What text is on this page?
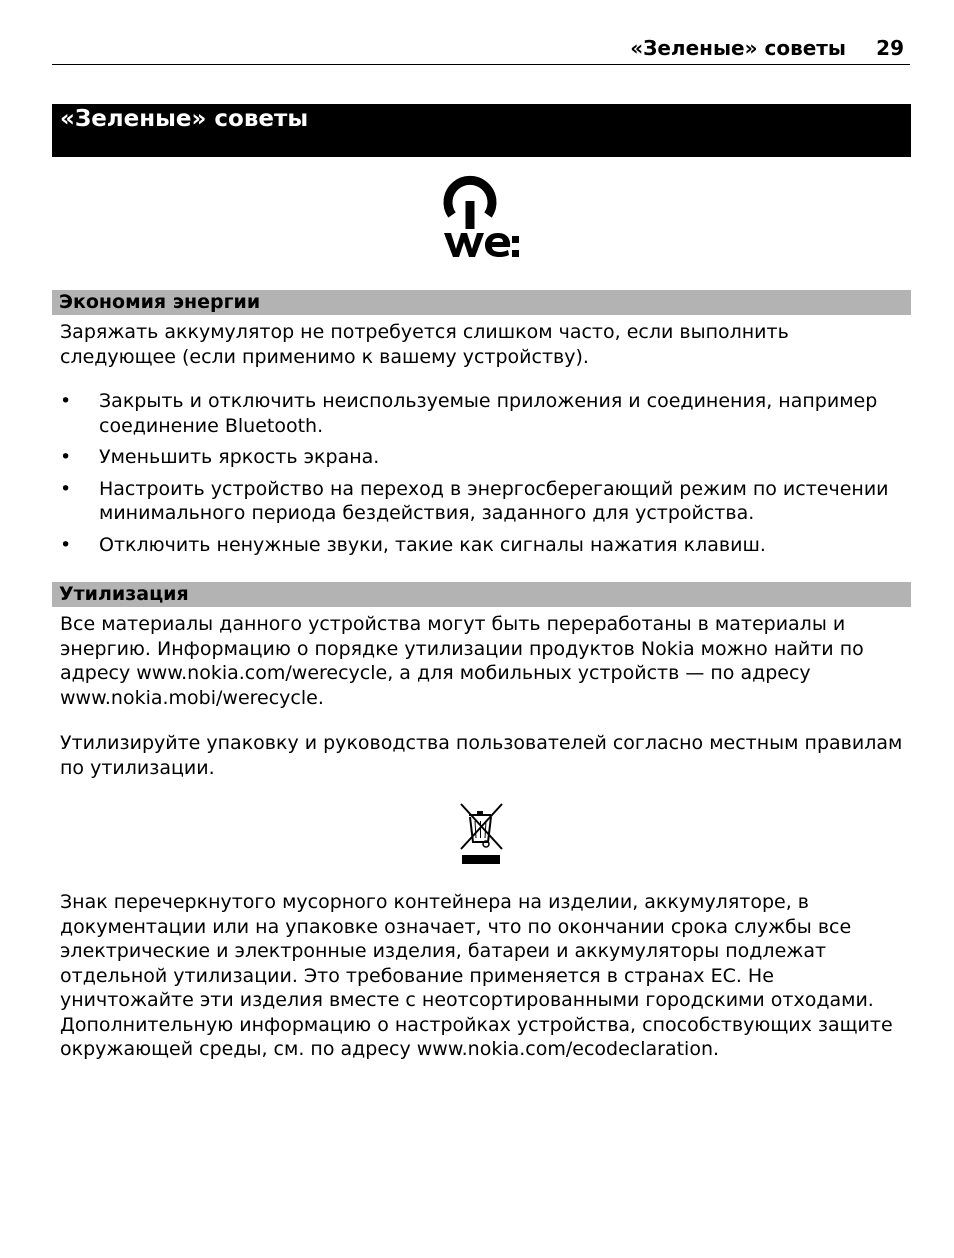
«Зеленые» советы 29
«Зеленые» советы
Экономия энергии

Заряжать аккумулятор не потребуется слишком часто, если выполнить следующее (если применимо к вашему устройству).

• Закрыть и отключить неиспользуемые приложения и соединения, например соединение Bluetooth.
• Уменьшить яркость экрана.
• Настроить устройство на переход в энергосберегающий режим по истечении минимального периода бездействия, заданного для устройства.
• Отключить ненужные звуки, такие как сигналы нажатия клавиш.
Утилизация

Все материалы данного устройства могут быть переработаны в материалы и энергию. Информацию о порядке утилизации продуктов Nokia можно найти по адресу www.nokia.com/werecycle, а для мобильных устройств — по адресу www.nokia.mobi/werecycle.

Утилизируйте упаковку и руководства пользователей согласно местным правилам по утилизации.

Знак перечеркнутого мусорного контейнера на изделии, аккумуляторе, в документации или на упаковке означает, что по окончании срока службы все электрические и электронные изделия, батареи и аккумуляторы подлежат отдельной утилизации. Это требование применяется в странах ЕС. Не уничтожайте эти изделия вместе с неотсортированными городскими отходами. Дополнительную информацию о настройках устройства, способствующих защите окружающей среды, см. по адресу www.nokia.com/ecodeclaration.
